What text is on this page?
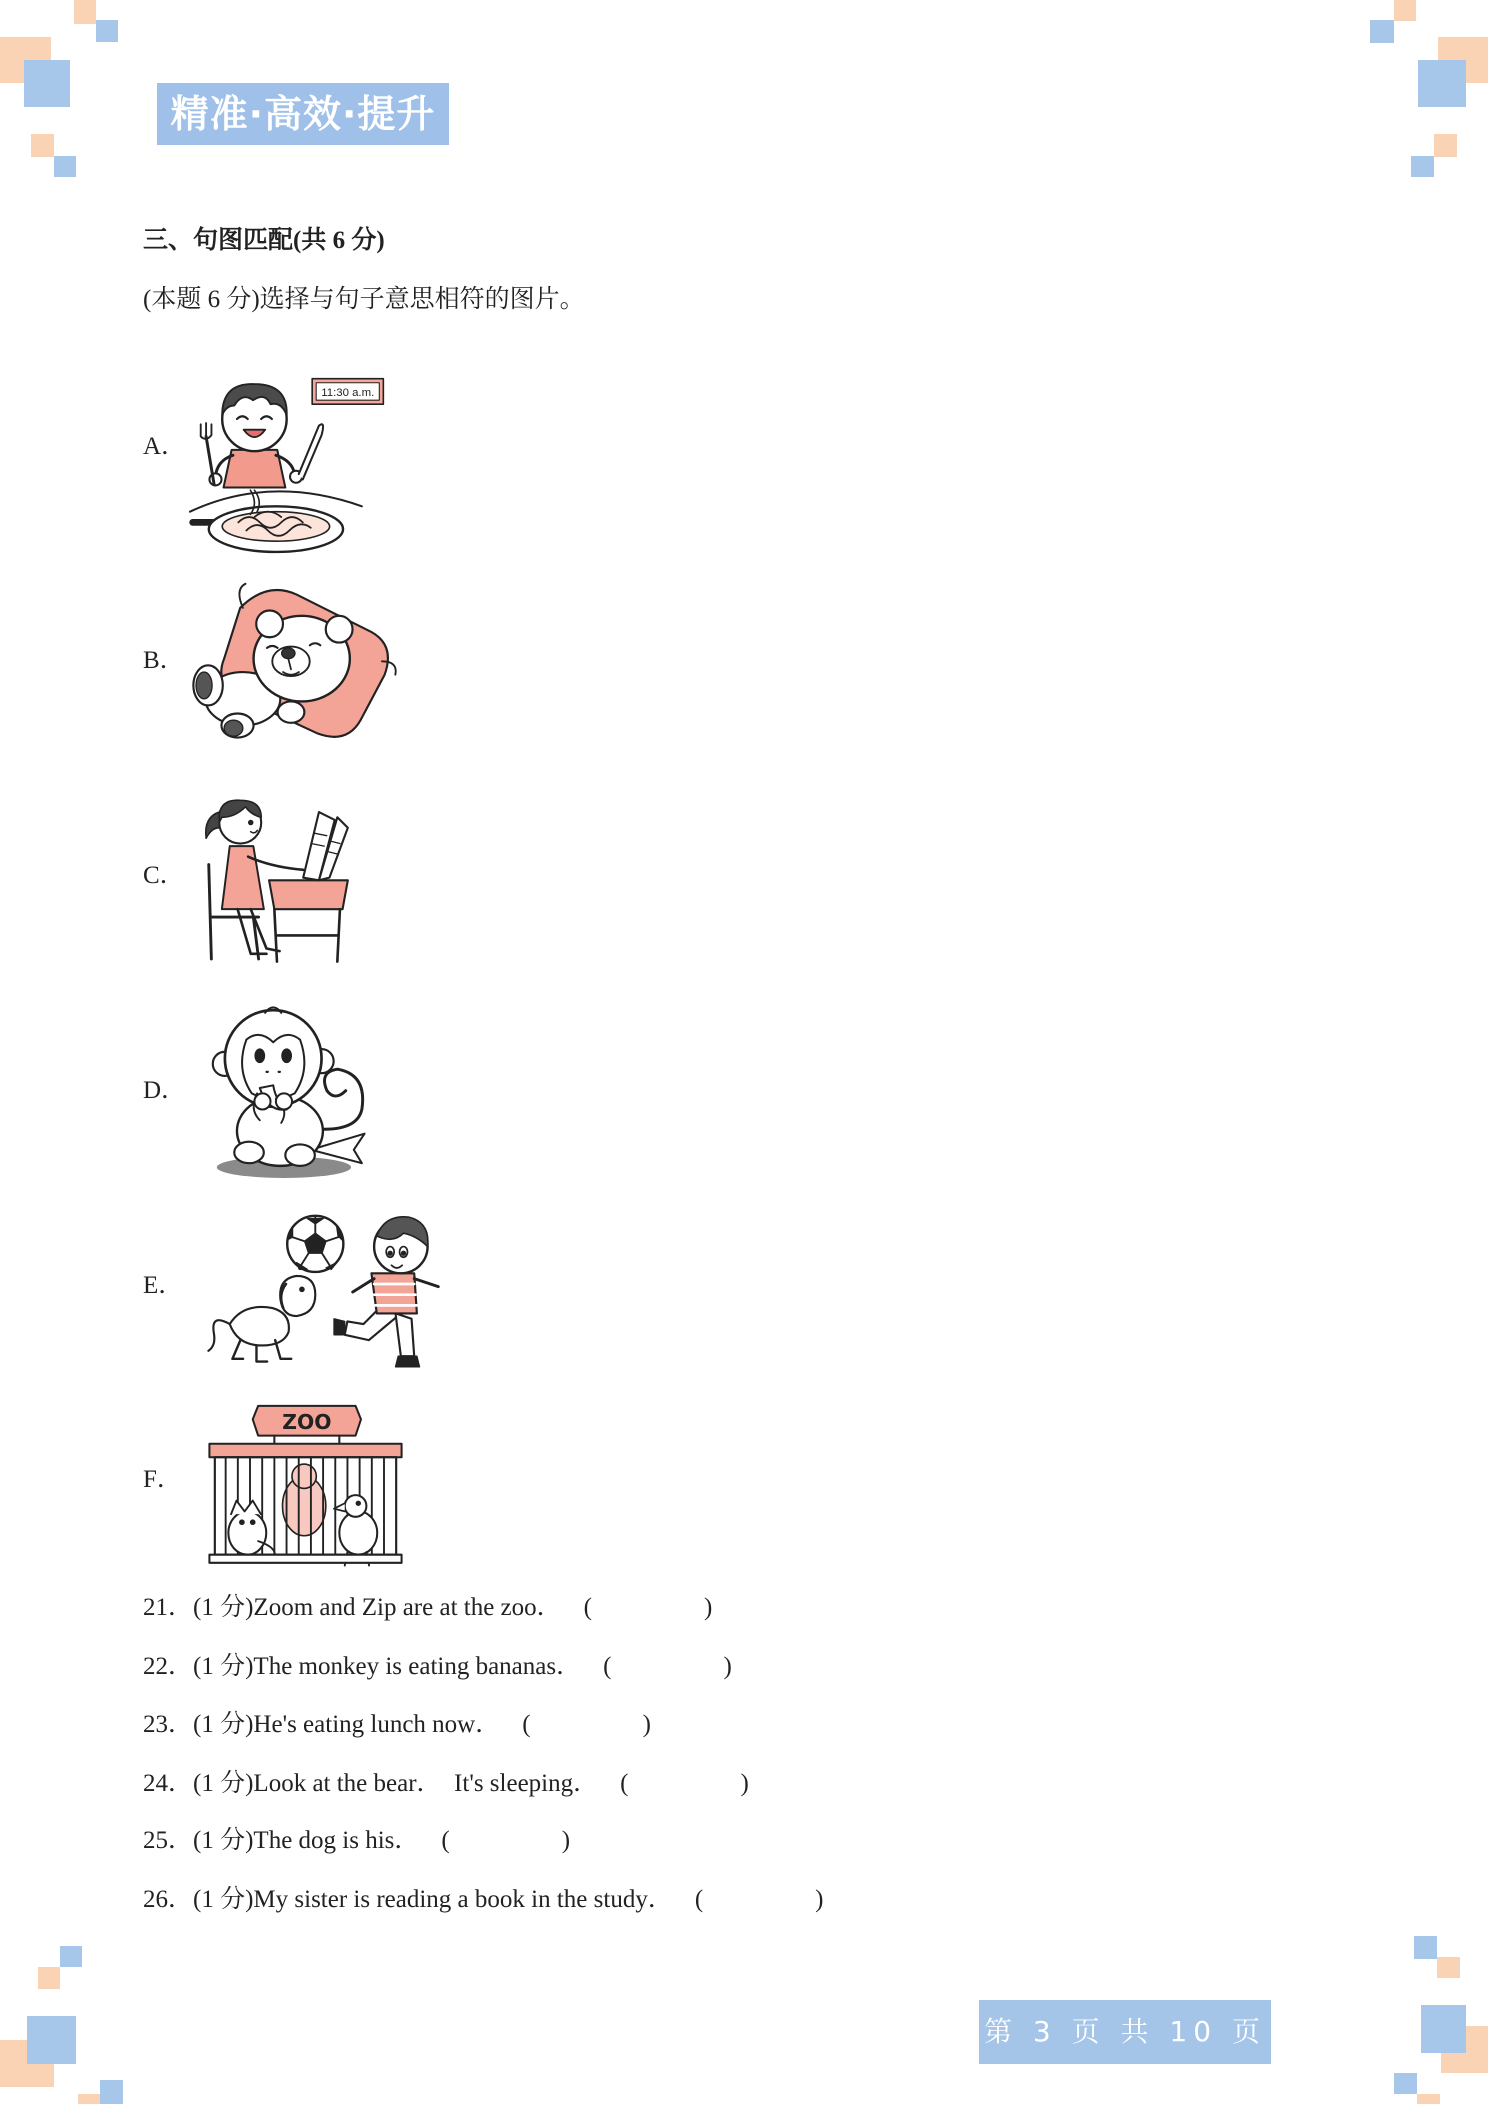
精准·高效·提升
三、句图匹配(共 6 分)
(本题 6 分)选择与句子意思相符的图片。
A．
11:30 a.m.
B．
C．
D．
E．
F．
ZOO
21．(1 分)Zoom and Zip are at the zoo． (	)
22．(1 分)The monkey is eating bananas． (	)
23．(1 分)He's eating lunch now． (	)
24．(1 分)Look at the bear．  It's sleeping． (	)
25．(1 分)The dog is his． (	)
26．(1 分)My sister is reading a book in the study． (	)
第 3 页 共 10 页
